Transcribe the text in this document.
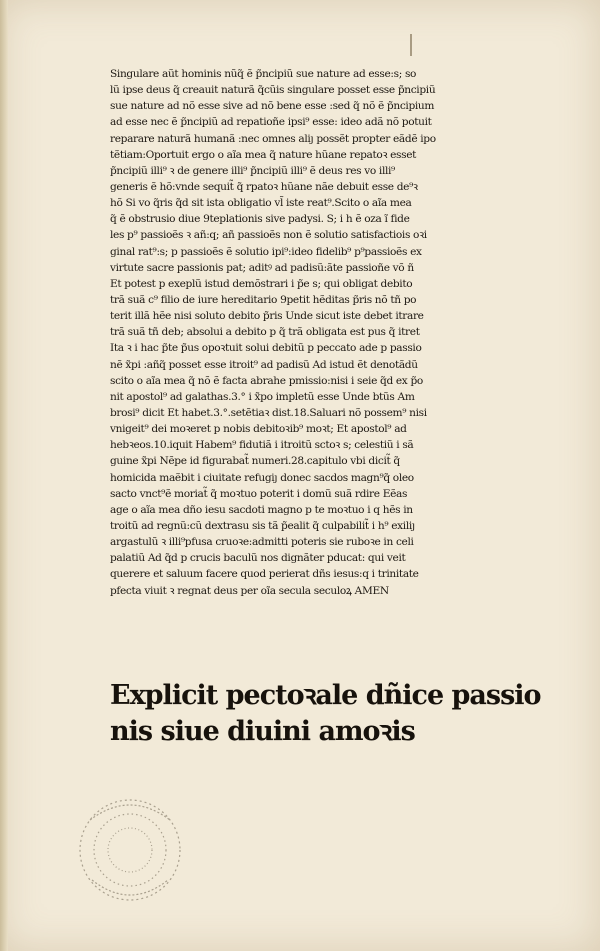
Singulare aũt hominis nũq̃ ẽ p̃ncipiũ sue nature ad esse:s; so
lũ ipse deus q̃ creauit naturã q̃cũis singulare posset esse p̃ncipiũ
sue nature ad nõ esse sive ad nõ bene esse :sed q̃ nõ ẽ p̃ncipium
ad esse nec ẽ p̃ncipiũ ad repatioñe ipsi⁹ esse: ideo adã nõ potuit
reparare naturã humanã :nec omnes aliȷ possẽt propter eãdẽ ipo
tẽtiam:Oportuit ergo o aĩa mea q̃ nature hũane repatoꝛ esset
p̃ncipiũ illi⁹ ꝛ de genere illi⁹ p̃ncipiũ illi⁹ ẽ deus res vo illi⁹
generis ẽ hõ:vnde sequit̃ q̃ rpatoꝛ hũane nãe debuit esse de⁹ꝛ
hõ Si vo q̃ris q̃d sit ista obligatio vl̃ iste reat⁹.Scito o aĩa mea
q̃ ẽ obstrusio diue 9teplationis sive padysi. S; i h ẽ oza ĩ fide
les p⁹ passioẽs ꝛ añ:q; añ passioẽs non ẽ solutio satisfactiois oꝛi
ginal rat⁹:s; p passioẽs ẽ solutio ipi⁹:ideo fidelib⁹ p⁹passioẽs ex
virtute sacre passionis pat; aditꝰ ad padisũ:ãte passioñe võ ñ
Et potest p exeplũ istud demõstrari i p̃e s; qui obligat debito
trã suã c⁹ filio de iure hereditario 9petit hẽditas p̃ris nõ tñ po
terit illã hẽe nisi soluto debito p̃ris Unde sicut iste debet itrare
trã suã tñ deb; absolui a debito p q̃ trã obligata est pus q̃ itret
Ita ꝛ i hac p̃te p̃us opoꝛtuit solui debitũ p peccato ade p passio
nẽ x̃pi :añq̃ posset esse itroit⁹ ad padisũ Ad istud ẽt denotãdũ
scito o aĩa mea q̃ nõ ẽ facta abrahe pmissio:nisi i seie q̃d ex p̃o
nit apostol⁹ ad galathas.3.° i x̃po impletũ esse Unde btũs Am
brosi⁹ dicit Et habet.3.°.setẽtiaꝛ dist.18.Saluari nõ possem⁹ nisi
vnigeit⁹ dei moꝛeret p nobis debitoꝛib⁹ moꝛt; Et apostol⁹ ad
hebꝛeos.10.iquit Habem⁹ fidutiã i itroitũ sctoꝛ s; celestiũ i sã
guine x̃pi Nẽpe id figurabat̃ numeri.28.capitulo vbi dicit̃ q̃
homicida maẽbit i ciuitate refugiȷ donec sacdos magn⁹q̃ oleo
sacto vnct⁹ẽ moriat̃ q̃ moꝛtuo poterit i domũ suã rdire Eẽas
age o aĩa mea dño iesu sacdoti magno p te moꝛtuo i q hẽs in
troitũ ad regnũ:cũ dextrasu sis tã p̃ealit q̃ culpabilit̃ i h⁹ exiliȷ
argastulũ ꝛ illi⁹pfusa cruoꝛe:admitti poteris sie ruboꝛe in celi
palatiũ Ad q̃d p crucis baculũ nos dignãter pducat: qui veit
querere et saluum facere quod perierat dñs iesus:q i trinitate
pfecta viuit ꝛ regnat deus per oĩa secula seculoꝝ AMEN
Explicit pectoꝛale dñice passio
nis siue diuini amoꝛis
